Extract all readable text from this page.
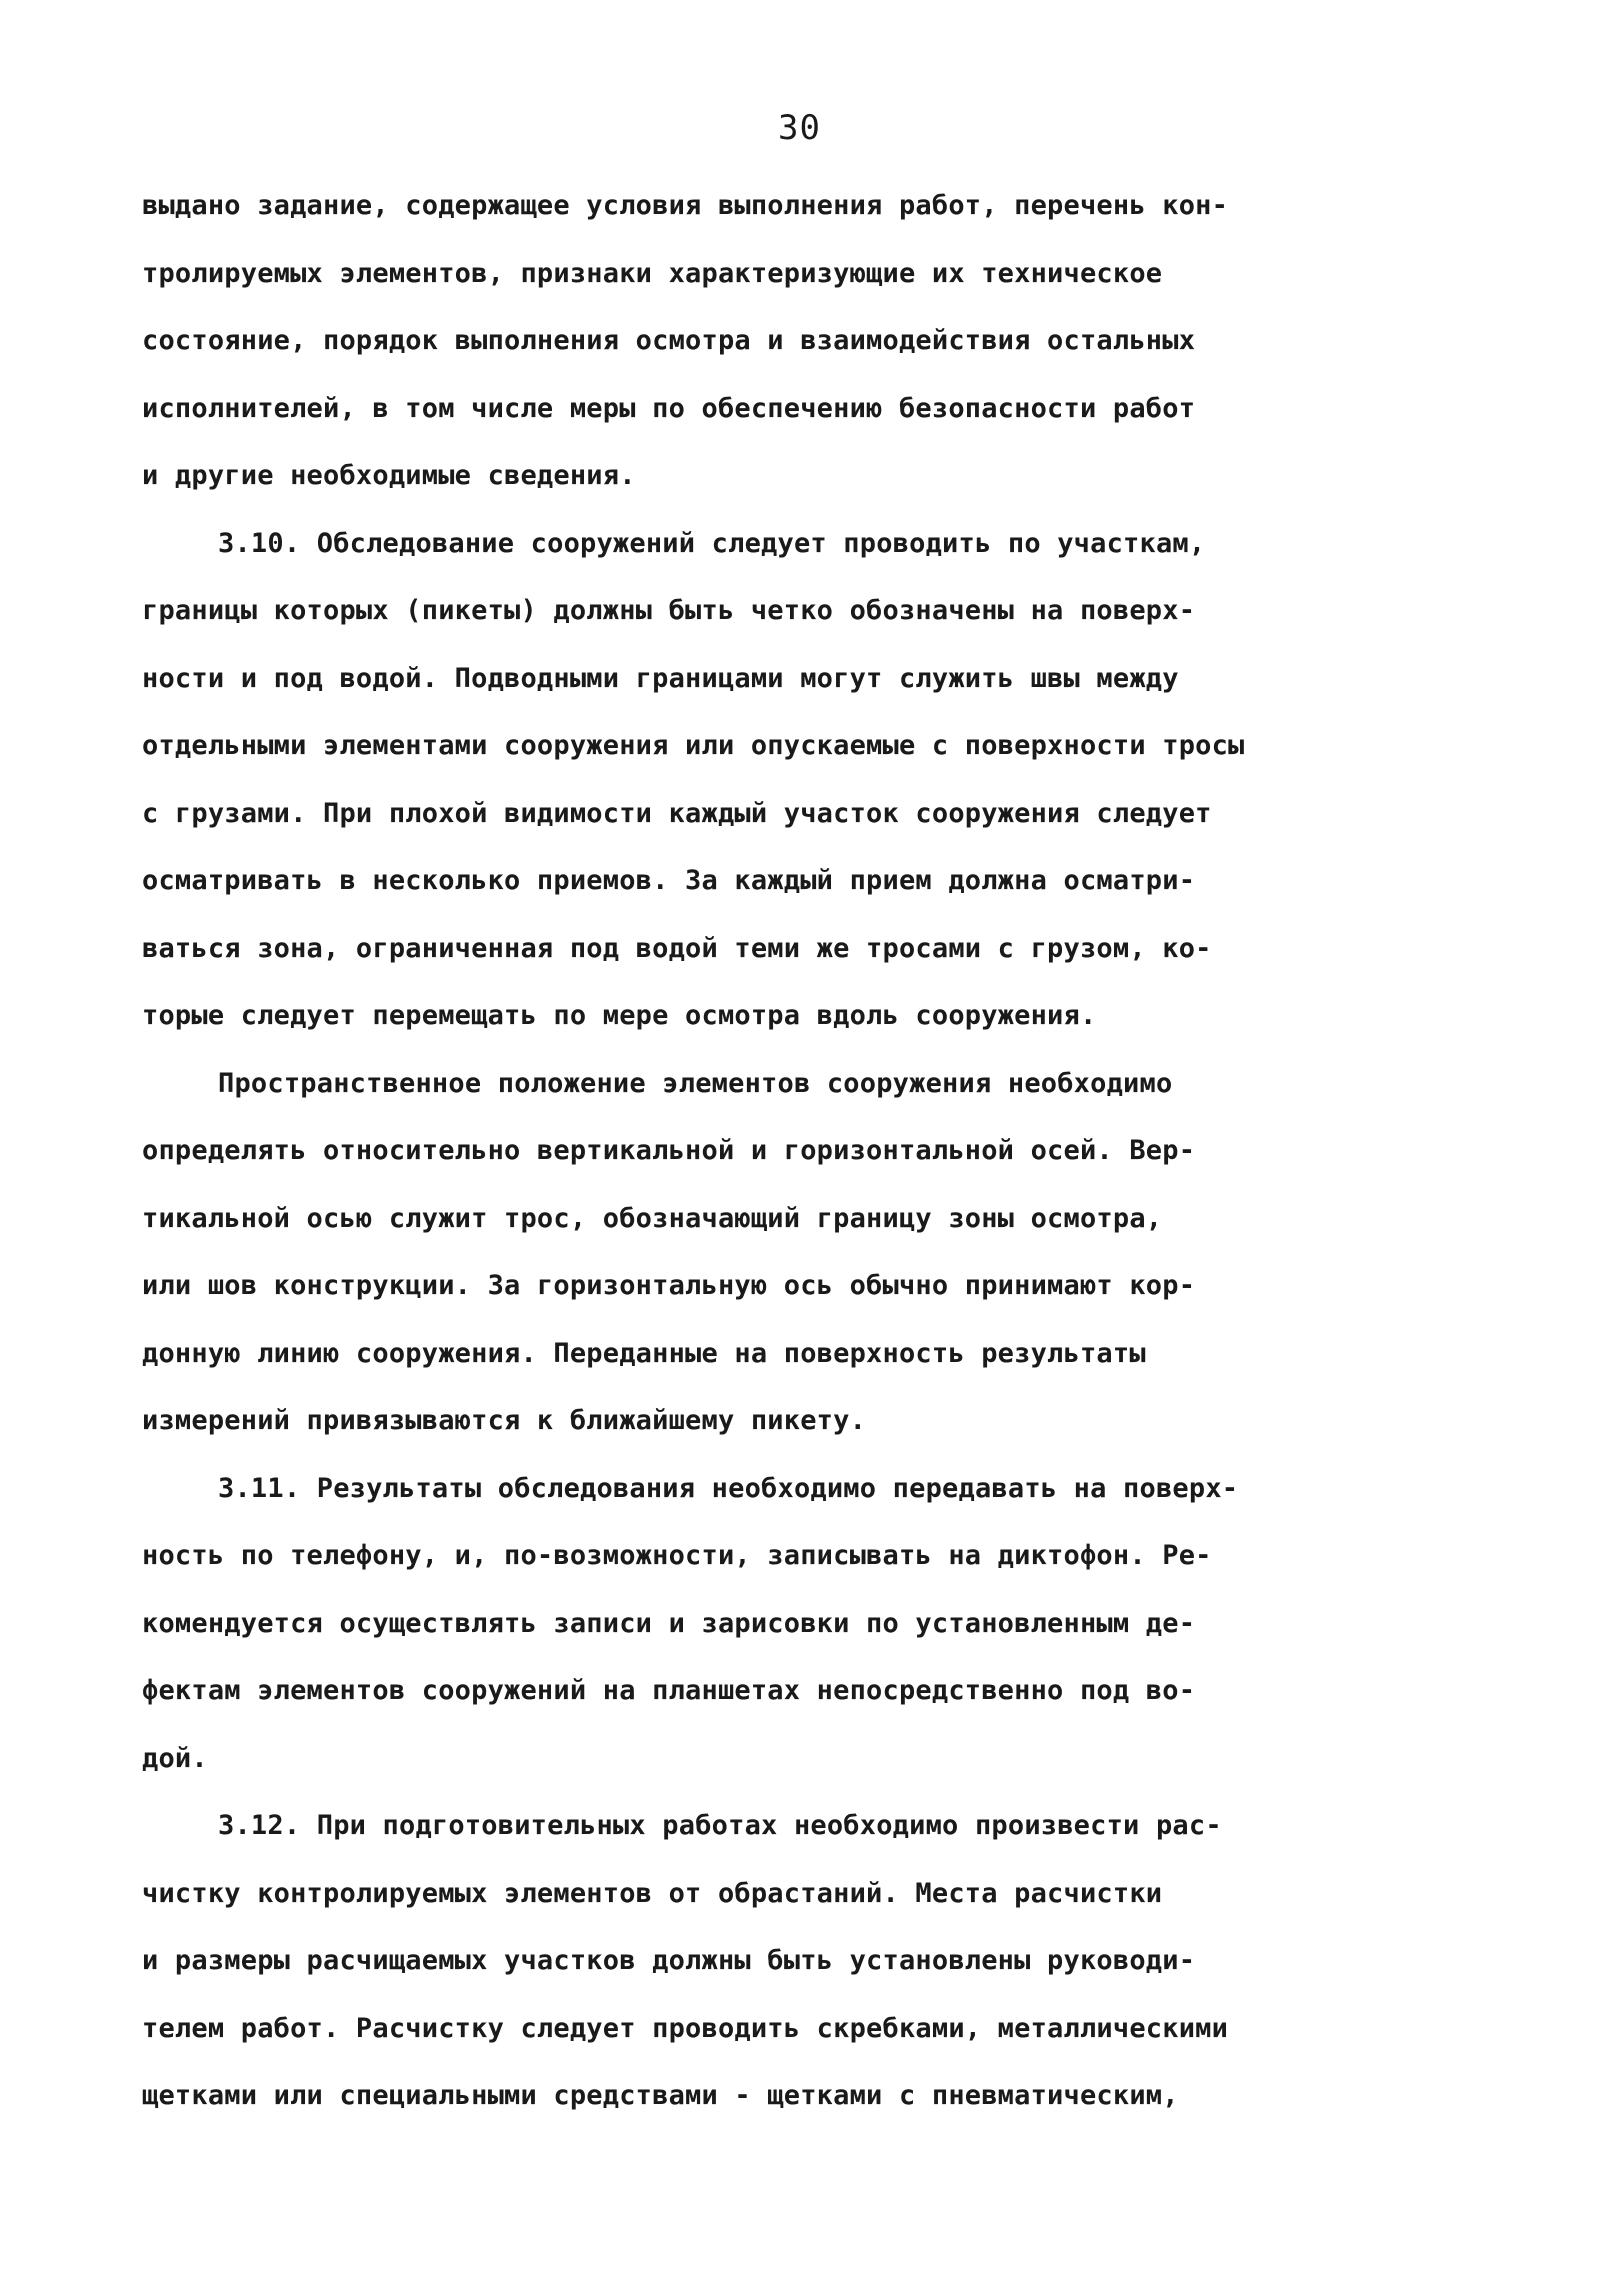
30
выдано задание, содержащее условия выполнения работ, перечень кон-
тролируемых элементов, признаки характеризующие их техническое
состояние, порядок выполнения осмотра и взаимодействия остальных
исполнителей, в том числе меры по обеспечению безопасности работ
и другие необходимые сведения.
3.10. Обследование сооружений следует проводить по участкам,
границы которых (пикеты) должны быть четко обозначены на поверх-
ности и под водой. Подводными границами могут служить швы между
отдельными элементами сооружения или опускаемые с поверхности тросы
с грузами. При плохой видимости каждый участок сооружения следует
осматривать в несколько приемов. За каждый прием должна осматри-
ваться зона, ограниченная под водой теми же тросами с грузом, ко-
торые следует перемещать по мере осмотра вдоль сооружения.
Пространственное положение элементов сооружения необходимо
определять относительно вертикальной и горизонтальной осей. Вер-
тикальной осью служит трос, обозначающий границу зоны осмотра,
или шов конструкции. За горизонтальную ось обычно принимают кор-
донную линию сооружения. Переданные на поверхность результаты
измерений привязываются к ближайшему пикету.
3.11. Результаты обследования необходимо передавать на поверх-
ность по телефону, и, по-возможности, записывать на диктофон. Ре-
комендуется осуществлять записи и зарисовки по установленным де-
фектам элементов сооружений на планшетах непосредственно под во-
дой.
3.12. При подготовительных работах необходимо произвести рас-
чистку контролируемых элементов от обрастаний. Места расчистки
и размеры расчищаемых участков должны быть установлены руководи-
телем работ. Расчистку следует проводить скребками, металлическими
щетками или специальными средствами - щетками с пневматическим,
